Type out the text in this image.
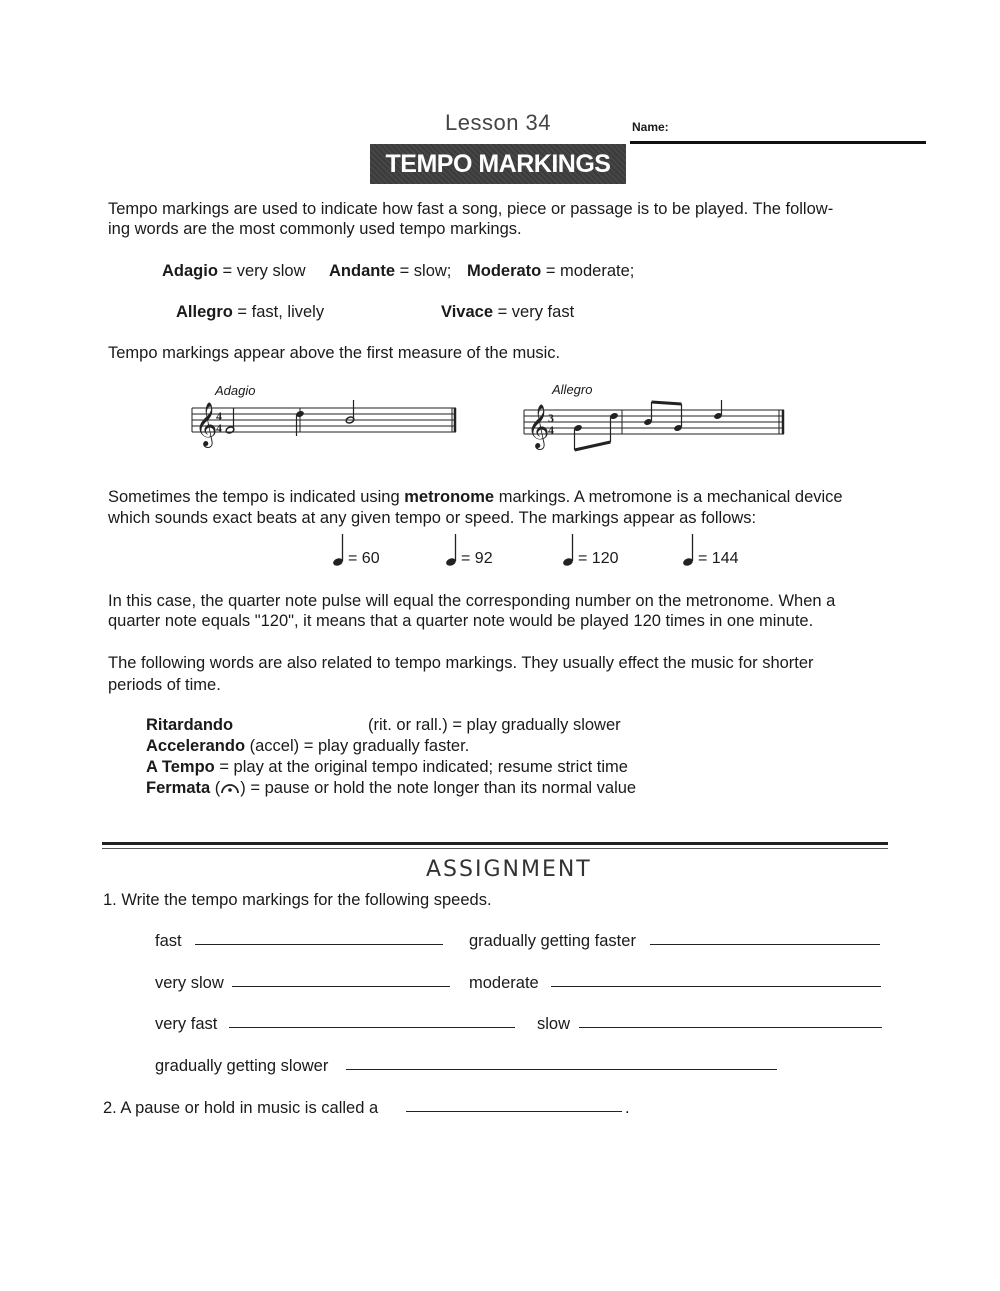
Lesson 34	Name:
TEMPO MARKINGS
Tempo markings are used to indicate how fast a song, piece or passage is to be played. The follow-
ing words are the most commonly used tempo markings.
Adagio = very slow Andante = slow; Moderato = moderate;
Allegro = fast, lively	Vivace = very fast
Tempo markings appear above the first measure of the music.
Adagio
𝄞
4
4
Allegro
𝄞
3
4
Sometimes the tempo is indicated using metronome markings. A metromone is a mechanical device
which sounds exact beats at any given tempo or speed. The markings appear as follows:
= 60	= 92	= 120	= 144
In this case, the quarter note pulse will equal the corresponding number on the metronome. When a
quarter note equals "120", it means that a quarter note would be played 120 times in one minute.
The following words are also related to tempo markings. They usually effect the music for shorter
periods of time.
Ritardando	(rit. or rall.) = play gradually slower
Accelerando (accel) = play gradually faster.
A Tempo = play at the original tempo indicated; resume strict time
Fermata ( ) = pause or hold the note longer than its normal value
ASSIGNMENT
1. Write the tempo markings for the following speeds.
fast	gradually getting faster
very slow	moderate
very fast	slow
gradually getting slower
2. A pause or hold in music is called a	.
